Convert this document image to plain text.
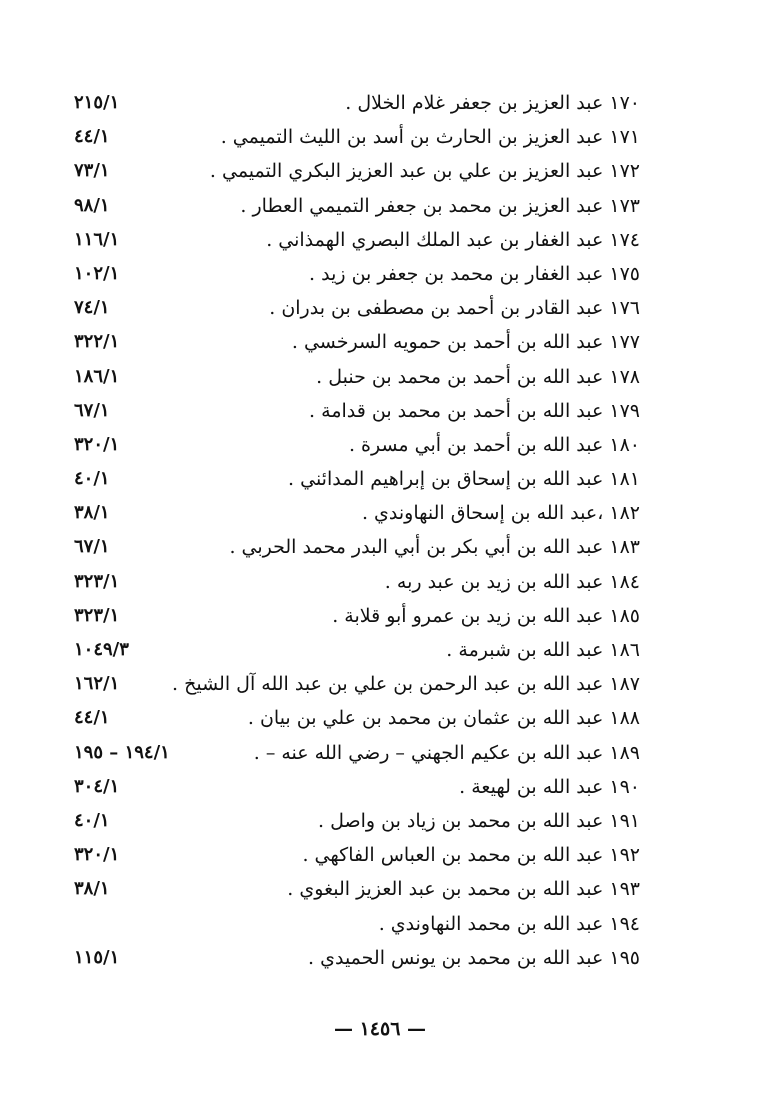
١٧٠ عبد العزيز بن جعفر غلام الخلال .
٢١٥/١
١٧١ عبد العزيز بن الحارث بن أسد بن الليث التميمي .
٤٤/١
١٧٢ عبد العزيز بن علي بن عبد العزيز البكري التميمي .
٧٣/١
١٧٣ عبد العزيز بن محمد بن جعفر التميمي العطار .
٩٨/١
١٧٤ عبد الغفار بن عبد الملك البصري الهمذاني .
١١٦/١
١٧٥ عبد الغفار بن محمد بن جعفر بن زيد .
١٠٢/١
١٧٦ عبد القادر بن أحمد بن مصطفى بن بدران .
٧٤/١
١٧٧ عبد الله بن أحمد بن حمويه السرخسي .
٣٢٢/١
١٧٨ عبد الله بن أحمد بن محمد بن حنبل .
١٨٦/١
١٧٩ عبد الله بن أحمد بن محمد بن قدامة .
٦٧/١
١٨٠ عبد الله بن أحمد بن أبي مسرة .
٣٢٠/١
١٨١ عبد الله بن إسحاق بن إبراهيم المدائني .
٤٠/١
١٨٢ ،عبد الله بن إسحاق النهاوندي .
٣٨/١
١٨٣ عبد الله بن أبي بكر بن أبي البدر محمد الحربي .
٦٧/١
١٨٤ عبد الله بن زيد بن عبد ربه .
٣٢٣/١
١٨٥ عبد الله بن زيد بن عمرو أبو قلابة .
٣٢٣/١
١٨٦ عبد الله بن شبرمة .
١٠٤٩/٣
١٨٧ عبد الله بن عبد الرحمن بن علي بن عبد الله آل الشيخ .
١٦٢/١
١٨٨ عبد الله بن عثمان بن محمد بن علي بن بيان .
٤٤/١
١٨٩ عبد الله بن عكيم الجهني – رضي الله عنه – .
١٩٤/١ – ١٩٥
١٩٠ عبد الله بن لهيعة .
٣٠٤/١
١٩١ عبد الله بن محمد بن زياد بن واصل .
٤٠/١
١٩٢ عبد الله بن محمد بن العباس الفاكهي .
٣٢٠/١
١٩٣ عبد الله بن محمد بن عبد العزيز البغوي .
٣٨/١
١٩٤ عبد الله بن محمد النهاوندي .
١٩٥ عبد الله بن محمد بن يونس الحميدي .
١١٥/١
— ١٤٥٦ —
